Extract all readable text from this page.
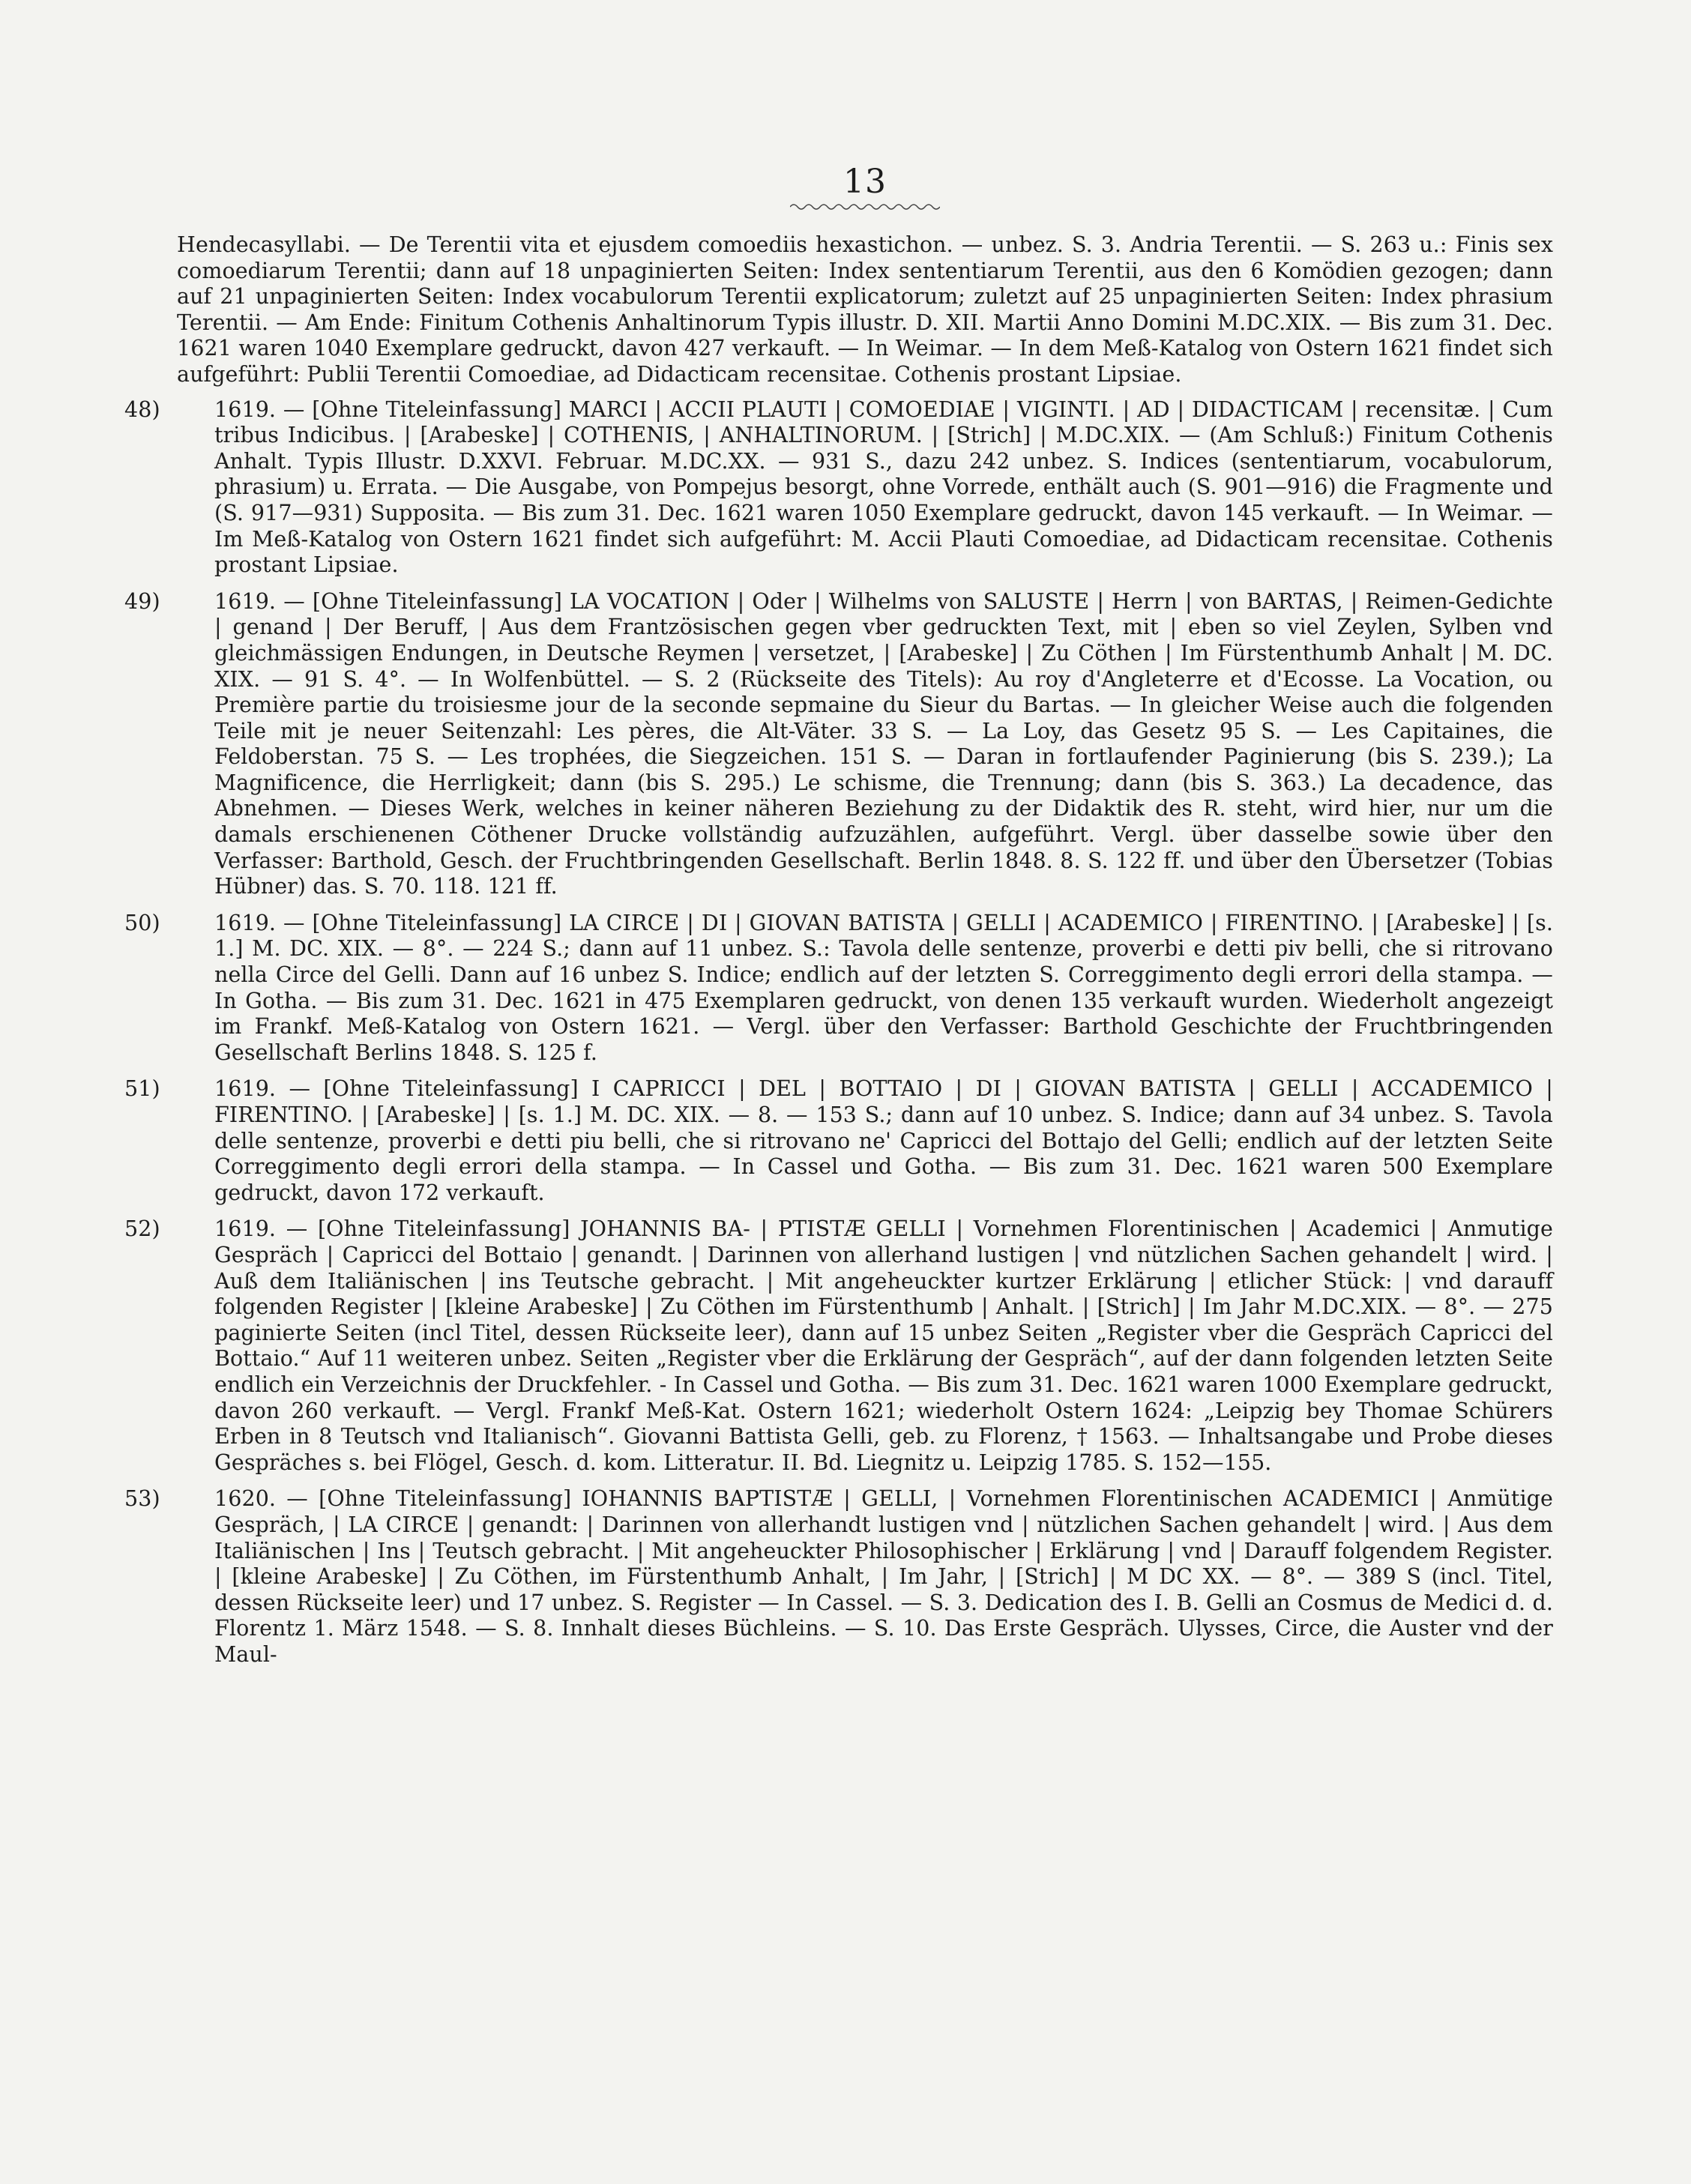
13

Hendecasyllabi. — De Terentii vita et ejusdem comoediis hexastichon. — unbez. S. 3. Andria Terentii. — S. 263 u.: Finis sex comoediarum Terentii; dann auf 18 unpaginierten Seiten: Index sententiarum Terentii, aus den 6 Komödien gezogen; dann auf 21 unpaginierten Seiten: Index vocabulorum Terentii explicatorum; zuletzt auf 25 unpaginierten Seiten: Index phrasium Terentii. — Am Ende: Finitum Cothenis Anhaltinorum Typis illustr. D. XII. Martii Anno Domini M.DC.XIX. — Bis zum 31. Dec. 1621 waren 1040 Exemplare gedruckt, davon 427 verkauft. — In Weimar. — In dem Meß-Katalog von Ostern 1621 findet sich aufgeführt: Publii Terentii Comoediae, ad Didacticam recensitae. Cothenis prostant Lipsiae.

48)	1619. — [Ohne Titeleinfassung] MARCI | ACCII PLAUTI | COMOEDIAE | VIGINTI. | AD | DIDACTICAM | recensitæ. | Cum tribus Indicibus. | [Arabeske] | COTHENIS, | ANHALTINORUM. | [Strich] | M.DC.XIX. — (Am Schluß:) Finitum Cothenis Anhalt. Typis Illustr. D.XXVI. Februar. M.DC.XX. — 931 S., dazu 242 unbez. S. Indices (sententiarum, vocabulorum, phrasium) u. Errata. — Die Ausgabe, von Pompejus besorgt, ohne Vorrede, enthält auch (S. 901—916) die Fragmente und (S. 917—931) Supposita. — Bis zum 31. Dec. 1621 waren 1050 Exemplare gedruckt, davon 145 verkauft. — In Weimar. — Im Meß-Katalog von Ostern 1621 findet sich aufgeführt: M. Accii Plauti Comoediae, ad Didacticam recensitae. Cothenis prostant Lipsiae.
49)	1619. — [Ohne Titeleinfassung] LA VOCATION | Oder | Wilhelms von SALUSTE | Herrn | von BARTAS, | Reimen-Gedichte | genand | Der Beruff, | Aus dem Frantzösischen gegen vber gedruckten Text, mit | eben so viel Zeylen, Sylben vnd gleichmässigen Endungen, in Deutsche Reymen | versetzet, | [Arabeske] | Zu Cöthen | Im Fürstenthumb Anhalt | M. DC. XIX. — 91 S. 4°. — In Wolfenbüttel. — S. 2 (Rückseite des Titels): Au roy d'Angleterre et d'Ecosse. La Vocation, ou Première partie du troisiesme jour de la seconde sepmaine du Sieur du Bartas. — In gleicher Weise auch die folgenden Teile mit je neuer Seitenzahl: Les pères, die Alt-Väter. 33 S. — La Loy, das Gesetz 95 S. — Les Capitaines, die Feldoberstan. 75 S. — Les trophées, die Siegzeichen. 151 S. — Daran in fortlaufender Paginierung (bis S. 239.); La Magnificence, die Herrligkeit; dann (bis S. 295.) Le schisme, die Trennung; dann (bis S. 363.) La decadence, das Abnehmen. — Dieses Werk, welches in keiner näheren Beziehung zu der Didaktik des R. steht, wird hier, nur um die damals erschienenen Cöthener Drucke vollständig aufzuzählen, aufgeführt. Vergl. über dasselbe sowie über den Verfasser: Barthold, Gesch. der Fruchtbringenden Gesellschaft. Berlin 1848. 8. S. 122 ff. und über den Übersetzer (Tobias Hübner) das. S. 70. 118. 121 ff.
50)	1619. — [Ohne Titeleinfassung] LA CIRCE | DI | GIOVAN BATISTA | GELLI | ACADEMICO | FIRENTINO. | [Arabeske] | [s. 1.] M. DC. XIX. — 8°. — 224 S.; dann auf 11 unbez. S.: Tavola delle sentenze, proverbi e detti piv belli, che si ritrovano nella Circe del Gelli. Dann auf 16 unbez S. Indice; endlich auf der letzten S. Correggimento degli errori della stampa. — In Gotha. — Bis zum 31. Dec. 1621 in 475 Exemplaren gedruckt, von denen 135 verkauft wurden. Wiederholt angezeigt im Frankf. Meß-Katalog von Ostern 1621. — Vergl. über den Verfasser: Barthold Geschichte der Fruchtbringenden Gesellschaft Berlins 1848. S. 125 f.
51)	1619. — [Ohne Titeleinfassung] I CAPRICCI | DEL | BOTTAIO | DI | GIOVAN BATISTA | GELLI | ACCADEMICO | FIRENTINO. | [Arabeske] | [s. 1.] M. DC. XIX. — 8. — 153 S.; dann auf 10 unbez. S. Indice; dann auf 34 unbez. S. Tavola delle sentenze, proverbi e detti piu belli, che si ritrovano ne' Capricci del Bottajo del Gelli; endlich auf der letzten Seite Correggimento degli errori della stampa. — In Cassel und Gotha. — Bis zum 31. Dec. 1621 waren 500 Exemplare gedruckt, davon 172 verkauft.
52)	1619. — [Ohne Titeleinfassung] JOHANNIS BA- | PTISTÆ GELLI | Vornehmen Florentinischen | Academici | Anmutige Gespräch | Capricci del Bottaio | genandt. | Darinnen von allerhand lustigen | vnd nützlichen Sachen gehandelt | wird. | Auß dem Italiänischen | ins Teutsche gebracht. | Mit angeheuckter kurtzer Erklärung | etlicher Stück: | vnd darauff folgenden Register | [kleine Arabeske] | Zu Cöthen im Fürstenthumb | Anhalt. | [Strich] | Im Jahr M.DC.XIX. — 8°. — 275 paginierte Seiten (incl Titel, dessen Rückseite leer), dann auf 15 unbez Seiten „Register vber die Gespräch Capricci del Bottaio.“ Auf 11 weiteren unbez. Seiten „Register vber die Erklärung der Gespräch“, auf der dann folgenden letzten Seite endlich ein Verzeichnis der Druckfehler. - In Cassel und Gotha. — Bis zum 31. Dec. 1621 waren 1000 Exemplare gedruckt, davon 260 verkauft. — Vergl. Frankf Meß-Kat. Ostern 1621; wiederholt Ostern 1624: „Leipzig bey Thomae Schürers Erben in 8 Teutsch vnd Italianisch“. Giovanni Battista Gelli, geb. zu Florenz, † 1563. — Inhaltsangabe und Probe dieses Gespräches s. bei Flögel, Gesch. d. kom. Litteratur. II. Bd. Liegnitz u. Leipzig 1785. S. 152—155.
53)	1620. — [Ohne Titeleinfassung] IOHANNIS BAPTISTÆ | GELLI, | Vornehmen Florentinischen ACADEMICI | Anmütige Gespräch, | LA CIRCE | genandt: | Darinnen von allerhandt lustigen vnd | nützlichen Sachen gehandelt | wird. | Aus dem Italiänischen | Ins | Teutsch gebracht. | Mit angeheuckter Philosophischer | Erklärung | vnd | Darauff folgendem Register. | [kleine Arabeske] | Zu Cöthen, im Fürstenthumb Anhalt, | Im Jahr, | [Strich] | M DC XX. — 8°. — 389 S (incl. Titel, dessen Rückseite leer) und 17 unbez. S. Register — In Cassel. — S. 3. Dedication des I. B. Gelli an Cosmus de Medici d. d. Florentz 1. März 1548. — S. 8. Innhalt dieses Büchleins. — S. 10. Das Erste Gespräch. Ulysses, Circe, die Auster vnd der Maul-
